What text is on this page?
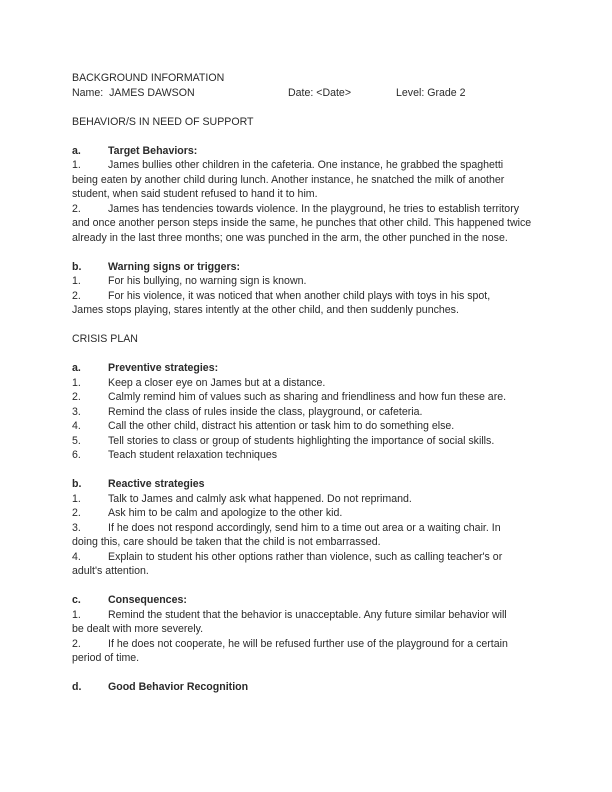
BACKGROUND INFORMATION
Name: JAMES DAWSON	Date: <Date>	Level: Grade 2
BEHAVIOR/S IN NEED OF SUPPORT
a.	Target Behaviors:
1.	James bullies other children in the cafeteria. One instance, he grabbed the spaghetti
being eaten by another child during lunch. Another instance, he snatched the milk of another student, when said student refused to hand it to him.
2.	James has tendencies towards violence. In the playground, he tries to establish territory
and once another person steps inside the same, he punches that other child. This happened twice already in the last three months; one was punched in the arm, the other punched in the nose.
b.	Warning signs or triggers:
1.	For his bullying, no warning sign is known.
2.	For his violence, it was noticed that when another child plays with toys in his spot,
James stops playing, stares intently at the other child, and then suddenly punches.
CRISIS PLAN
a.	Preventive strategies:
1.	Keep a closer eye on James but at a distance.
2.	Calmly remind him of values such as sharing and friendliness and how fun these are.
3.	Remind the class of rules inside the class, playground, or cafeteria.
4.	Call the other child, distract his attention or task him to do something else.
5.	Tell stories to class or group of students highlighting the importance of social skills.
6.	Teach student relaxation techniques
b.	Reactive strategies
1.	Talk to James and calmly ask what happened. Do not reprimand.
2.	Ask him to be calm and apologize to the other kid.
3.	If he does not respond accordingly, send him to a time out area or a waiting chair. In
doing this, care should be taken that the child is not embarrassed.
4.	Explain to student his other options rather than violence, such as calling teacher's or
adult's attention.
c.	Consequences:
1.	Remind the student that the behavior is unacceptable. Any future similar behavior will
be dealt with more severely.
2.	If he does not cooperate, he will be refused further use of the playground for a certain
period of time.
d.	Good Behavior Recognition
